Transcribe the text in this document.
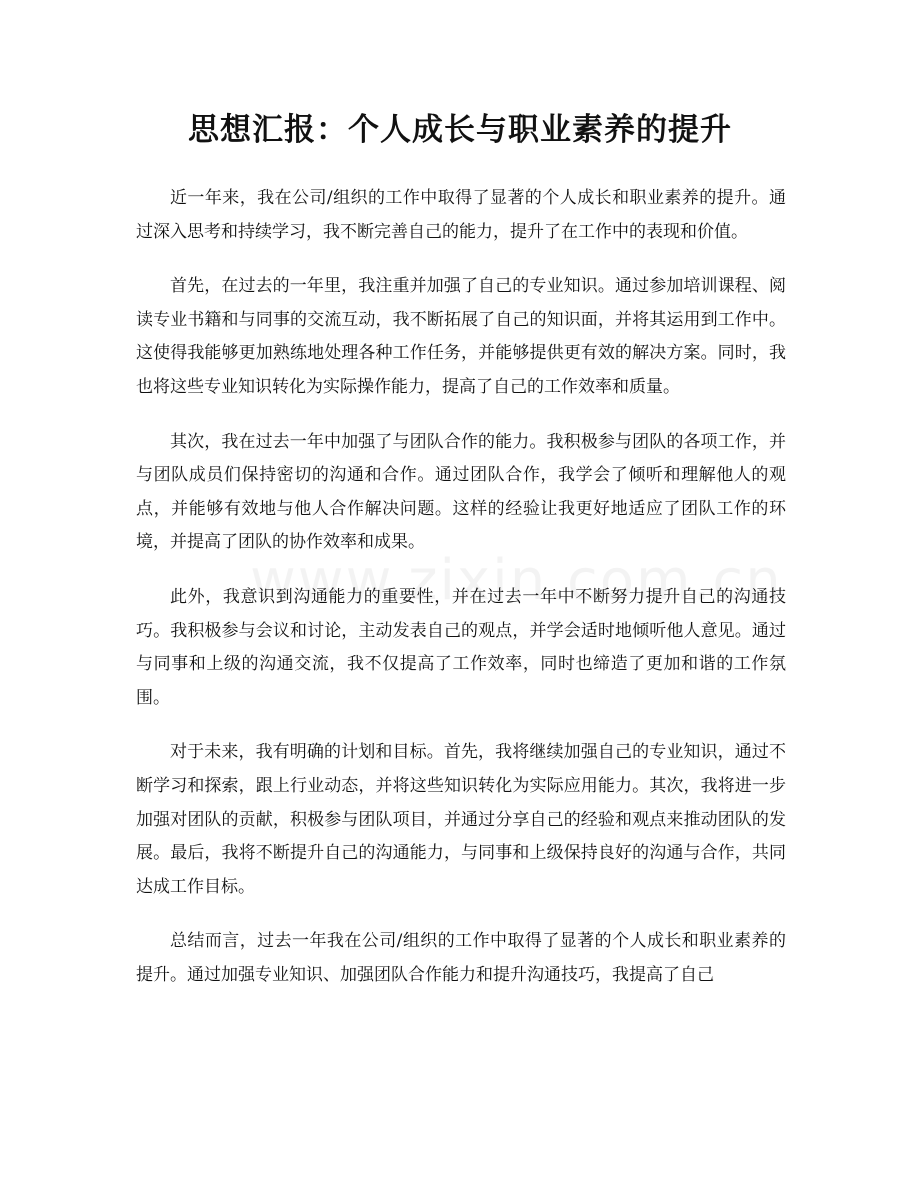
思想汇报：个人成长与职业素养的提升

近一年来，我在公司/组织的工作中取得了显著的个人成长和职业素养的提升。通过深入思考和持续学习，我不断完善自己的能力，提升了在工作中的表现和价值。

首先，在过去的一年里，我注重并加强了自己的专业知识。通过参加培训课程、阅读专业书籍和与同事的交流互动，我不断拓展了自己的知识面，并将其运用到工作中。这使得我能够更加熟练地处理各种工作任务，并能够提供更有效的解决方案。同时，我也将这些专业知识转化为实际操作能力，提高了自己的工作效率和质量。

其次，我在过去一年中加强了与团队合作的能力。我积极参与团队的各项工作，并与团队成员们保持密切的沟通和合作。通过团队合作，我学会了倾听和理解他人的观点，并能够有效地与他人合作解决问题。这样的经验让我更好地适应了团队工作的环境，并提高了团队的协作效率和成果。

此外，我意识到沟通能力的重要性，并在过去一年中不断努力提升自己的沟通技巧。我积极参与会议和讨论，主动发表自己的观点，并学会适时地倾听他人意见。通过与同事和上级的沟通交流，我不仅提高了工作效率，同时也缔造了更加和谐的工作氛围。

对于未来，我有明确的计划和目标。首先，我将继续加强自己的专业知识，通过不断学习和探索，跟上行业动态，并将这些知识转化为实际应用能力。其次，我将进一步加强对团队的贡献，积极参与团队项目，并通过分享自己的经验和观点来推动团队的发展。最后，我将不断提升自己的沟通能力，与同事和上级保持良好的沟通与合作，共同达成工作目标。

总结而言，过去一年我在公司/组织的工作中取得了显著的个人成长和职业素养的提升。通过加强专业知识、加强团队合作能力和提升沟通技巧，我提高了自己
